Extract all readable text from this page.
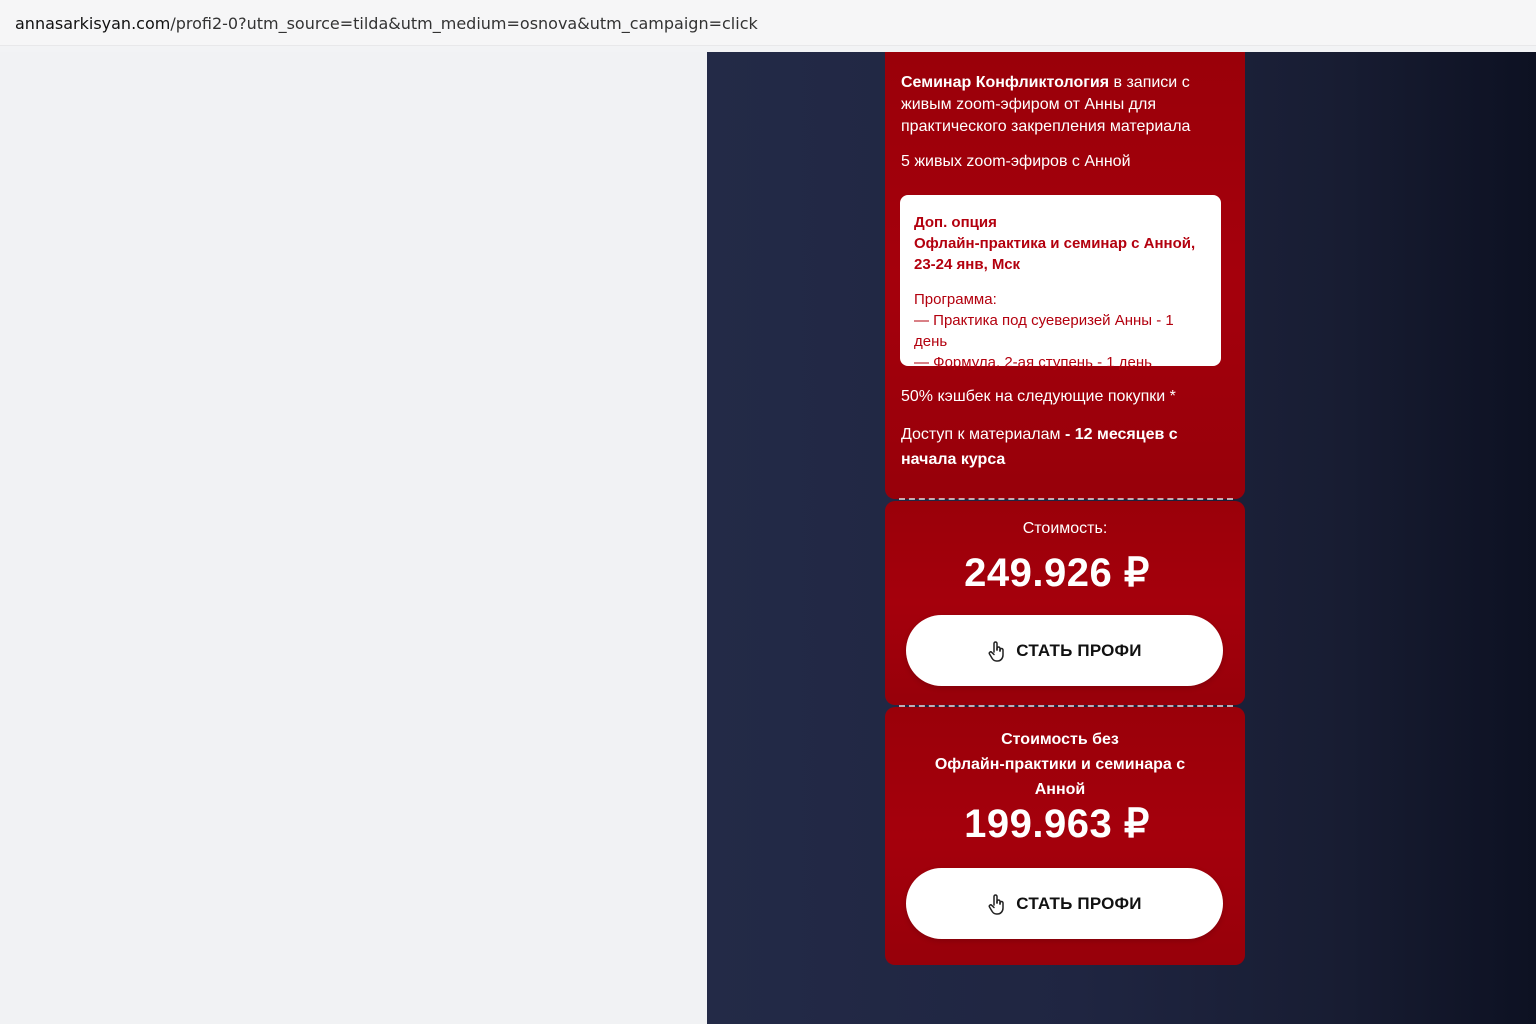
annasarkisyan.com/profi2-0?utm_source=tilda&utm_medium=osnova&utm_campaign=click
Семинар Конфликтология в записи с живым zoom-эфиром от Анны для практического закрепления материала
5 живых zoom-эфиров с Анной
Доп. опция
Офлайн-практика и семинар с Анной,
23-24 янв, Мск
Программа:
— Практика под суеверизей Анны - 1 день
— Формула, 2-ая ступень - 1 день
50% кэшбек на следующие покупки *
Доступ к материалам - 12 месяцев с начала курса
Стоимость:
249.926 ₽
СТАТЬ ПРОФИ
Стоимость без
Офлайн-практики и семинара с
Анной
199.963 ₽
СТАТЬ ПРОФИ
